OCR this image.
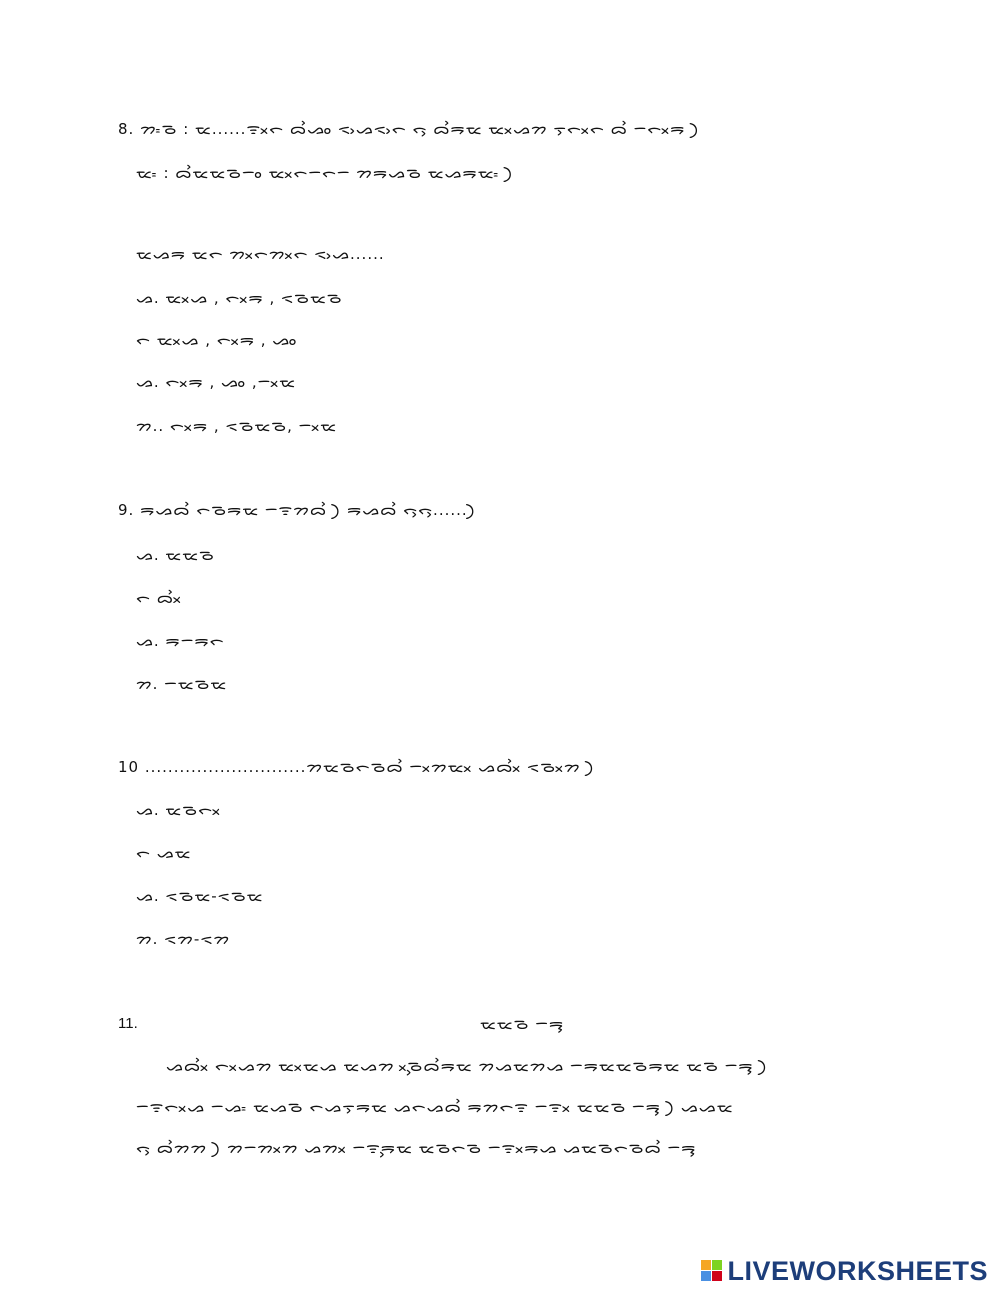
8. ᯂᯫᯉ : ᯔ......ᯤᯬᯞ ᯅᯨᯀᯪ ᯑᯧᯀᯑᯧᯞ ᯞᯮ ᯅᯨᯒᯔ ᯔᯬᯀᯂ ᯇᯮᯞᯬᯞ ᯅᯨ ᯇᯞᯬᯒ ᯿
ᯔᯫ : ᯅᯨᯔᯔᯉᯇᯪ ᯔᯬᯞᯇᯞᯇ ᯂᯒᯀᯉ ᯔᯀᯒᯔᯫ ᯿
ᯔᯀᯒ ᯔᯞ ᯂᯬᯞᯂᯬᯞ ᯑᯧᯀ......
ᯀ. ᯔᯬᯀ , ᯞᯬᯒ , ᯑᯉᯔᯉ
ᯞ ᯔᯬᯀ , ᯞᯬᯒ , ᯀᯪ
ᯀ. ᯞᯬᯒ , ᯀᯪ ,ᯇᯬᯔ
ᯂ.. ᯞᯬᯒ , ᯑᯉᯔᯉ, ᯇᯬᯔ
9. ᯒᯀᯅᯨ ᯞᯉᯒᯔ ᯇᯤᯂᯅᯨ ᯿ ᯒᯀᯅᯨ ᯞᯮᯞᯮ......᯿
ᯀ. ᯔᯔᯉ
ᯞ ᯅᯨᯬ
ᯀ. ᯒᯇᯒᯞ
ᯂ. ᯇᯔᯉᯔ
10 ............................ᯂᯔᯉᯞᯉᯅᯨ ᯇᯬᯂᯔᯬ ᯀᯅᯨᯬ ᯑᯉᯬᯂ ᯿
ᯀ. ᯔᯉᯞᯬ
ᯞ ᯀᯔ
ᯀ. ᯑᯉᯔ-ᯑᯉᯔ
ᯂ. ᯑᯂ-ᯑᯂ
11.	ᯔᯔᯉ ᯇᯒᯮ
ᯀᯅᯨᯬ ᯞᯬᯀᯂ ᯔᯬᯔᯀ ᯔᯀᯂ ᯬᯮᯉᯅᯨᯒᯔ ᯂᯀᯔᯂᯀ ᯇᯒᯔᯔᯉᯒᯔ ᯔᯉ ᯇᯒᯮ ᯿
ᯇᯤᯞᯬᯀ ᯇᯀᯫ ᯔᯀᯉ ᯞᯀᯇᯮᯒᯔ ᯀᯞᯀᯅᯨ ᯒᯂᯞᯤ ᯇᯤᯬ ᯔᯔᯉ ᯇᯒᯮ ᯿ ᯀᯀᯔ
ᯞᯮ ᯅᯨᯂᯂ ᯿ ᯂᯇᯂᯬᯂ ᯀᯂᯬ ᯇᯤᯮᯒᯔ ᯔᯉᯞᯉ ᯇᯤᯬᯒᯀ ᯀᯔᯉᯞᯉᯅᯨ ᯇᯒᯮ
LIVEWORKSHEETS
